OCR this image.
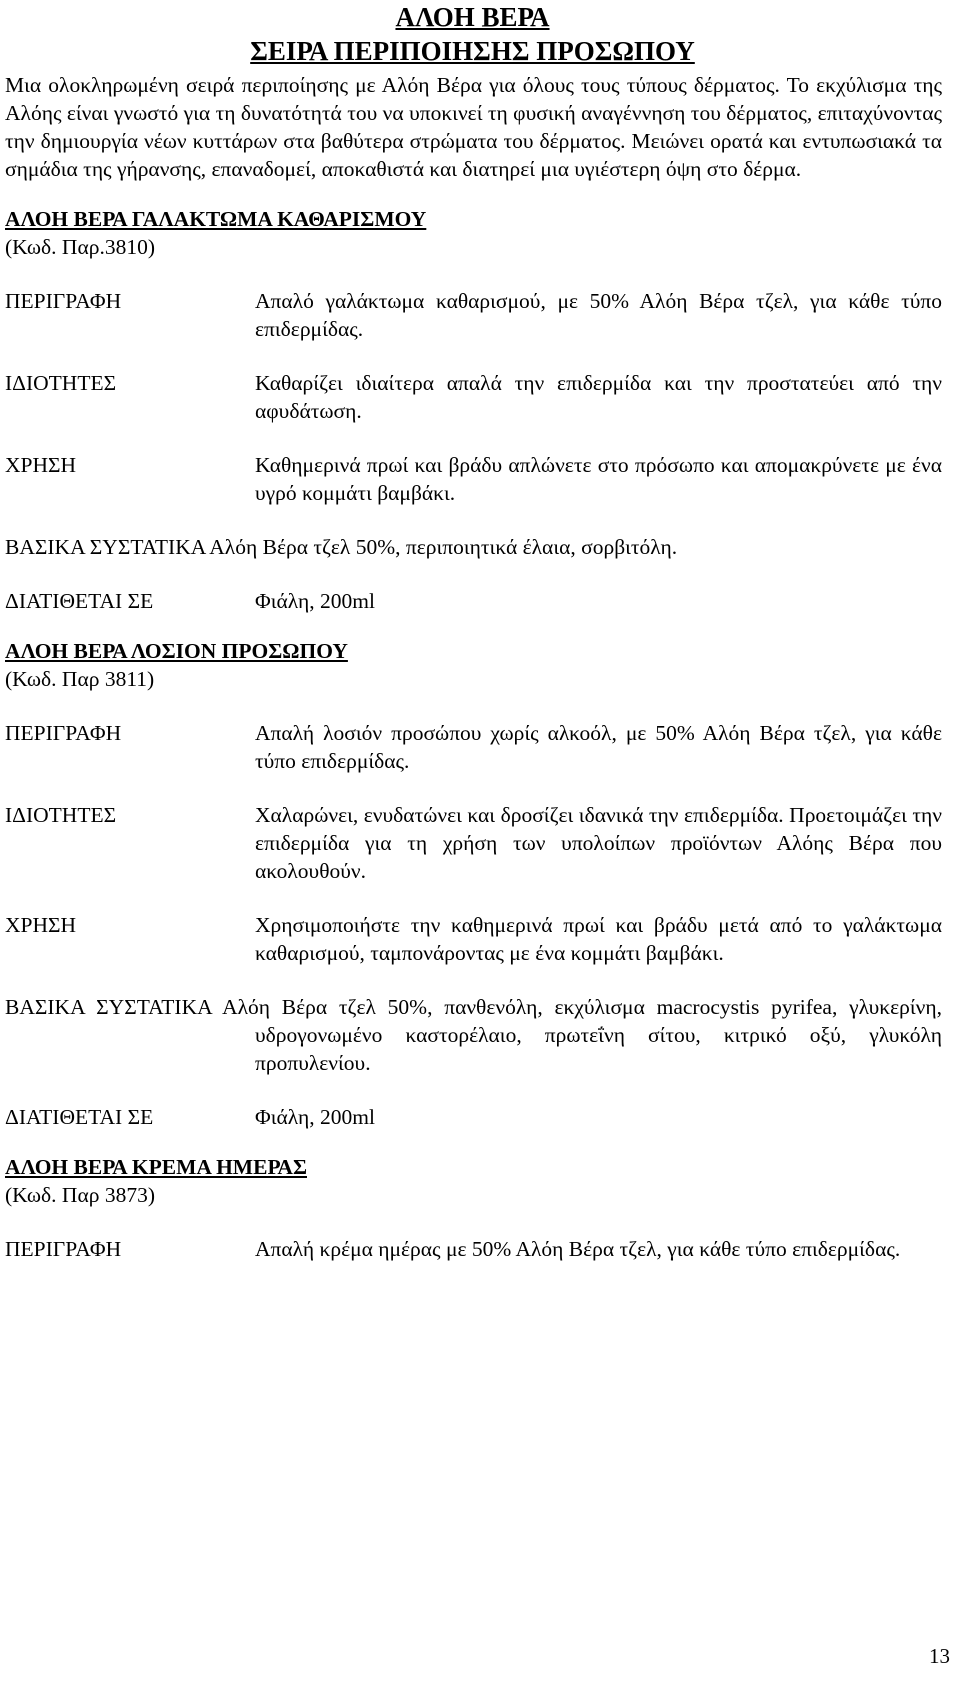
ΑΛΟΗ ΒΕΡΑ
ΣΕΙΡΑ ΠΕΡΙΠΟΙΗΣΗΣ ΠΡΟΣΩΠΟΥ
Μια ολοκληρωμένη σειρά περιποίησης με Αλόη Βέρα για όλους τους τύπους δέρματος. Το εκχύλισμα της Αλόης είναι γνωστό για τη δυνατότητά του να υποκινεί τη φυσική αναγέννηση του δέρματος, επιταχύνοντας την δημιουργία νέων κυττάρων στα βαθύτερα στρώματα του δέρματος. Μειώνει ορατά και εντυπωσιακά τα σημάδια της γήρανσης, επαναδομεί, αποκαθιστά και διατηρεί μια υγιέστερη όψη στο δέρμα.
ΑΛΟΗ ΒΕΡΑ ΓΑΛΑΚΤΩΜΑ ΚΑΘΑΡΙΣΜΟΥ
(Κωδ. Παρ.3810)
ΠΕΡΙΓΡΑΦΗ	Απαλό γαλάκτωμα καθαρισμού, με 50% Αλόη Βέρα τζελ, για κάθε τύπο επιδερμίδας.
ΙΔΙΟΤΗΤΕΣ	Καθαρίζει ιδιαίτερα απαλά την επιδερμίδα και την προστατεύει από την αφυδάτωση.
ΧΡΗΣΗ	Καθημερινά πρωί και βράδυ απλώνετε στο πρόσωπο και απομακρύνετε με ένα υγρό κομμάτι βαμβάκι.
ΒΑΣΙΚΑ ΣΥΣΤΑΤΙΚΑ Αλόη Βέρα τζελ 50%, περιποιητικά έλαια, σορβιτόλη.
ΔΙΑΤΙΘΕΤΑΙ ΣΕ	Φιάλη, 200ml
ΑΛΟΗ ΒΕΡΑ ΛΟΣΙΟΝ ΠΡΟΣΩΠΟΥ
(Κωδ. Παρ 3811)
ΠΕΡΙΓΡΑΦΗ	Απαλή λοσιόν προσώπου χωρίς αλκοόλ, με 50% Αλόη Βέρα τζελ, για κάθε τύπο επιδερμίδας.
ΙΔΙΟΤΗΤΕΣ	Χαλαρώνει, ενυδατώνει και δροσίζει ιδανικά την επιδερμίδα. Προετοιμάζει την επιδερμίδα για τη χρήση των υπολοίπων προϊόντων Αλόης Βέρα που ακολουθούν.
ΧΡΗΣΗ	Χρησιμοποιήστε την καθημερινά πρωί και βράδυ μετά από το γαλάκτωμα καθαρισμού, ταμπονάροντας με ένα κομμάτι βαμβάκι.
ΒΑΣΙΚΑ ΣΥΣΤΑΤΙΚΑ Αλόη Βέρα τζελ 50%, πανθενόλη, εκχύλισμα macrocystis pyrifea, γλυκερίνη, υδρογονωμένο καστορέλαιο, πρωτεΐνη σίτου, κιτρικό οξύ, γλυκόλη προπυλενίου.
ΔΙΑΤΙΘΕΤΑΙ ΣΕ	Φιάλη, 200ml
ΑΛΟΗ ΒΕΡΑ ΚΡΕΜΑ ΗΜΕΡΑΣ
(Κωδ. Παρ 3873)
ΠΕΡΙΓΡΑΦΗ	Απαλή κρέμα ημέρας με 50% Αλόη Βέρα τζελ, για κάθε τύπο επιδερμίδας.
13
